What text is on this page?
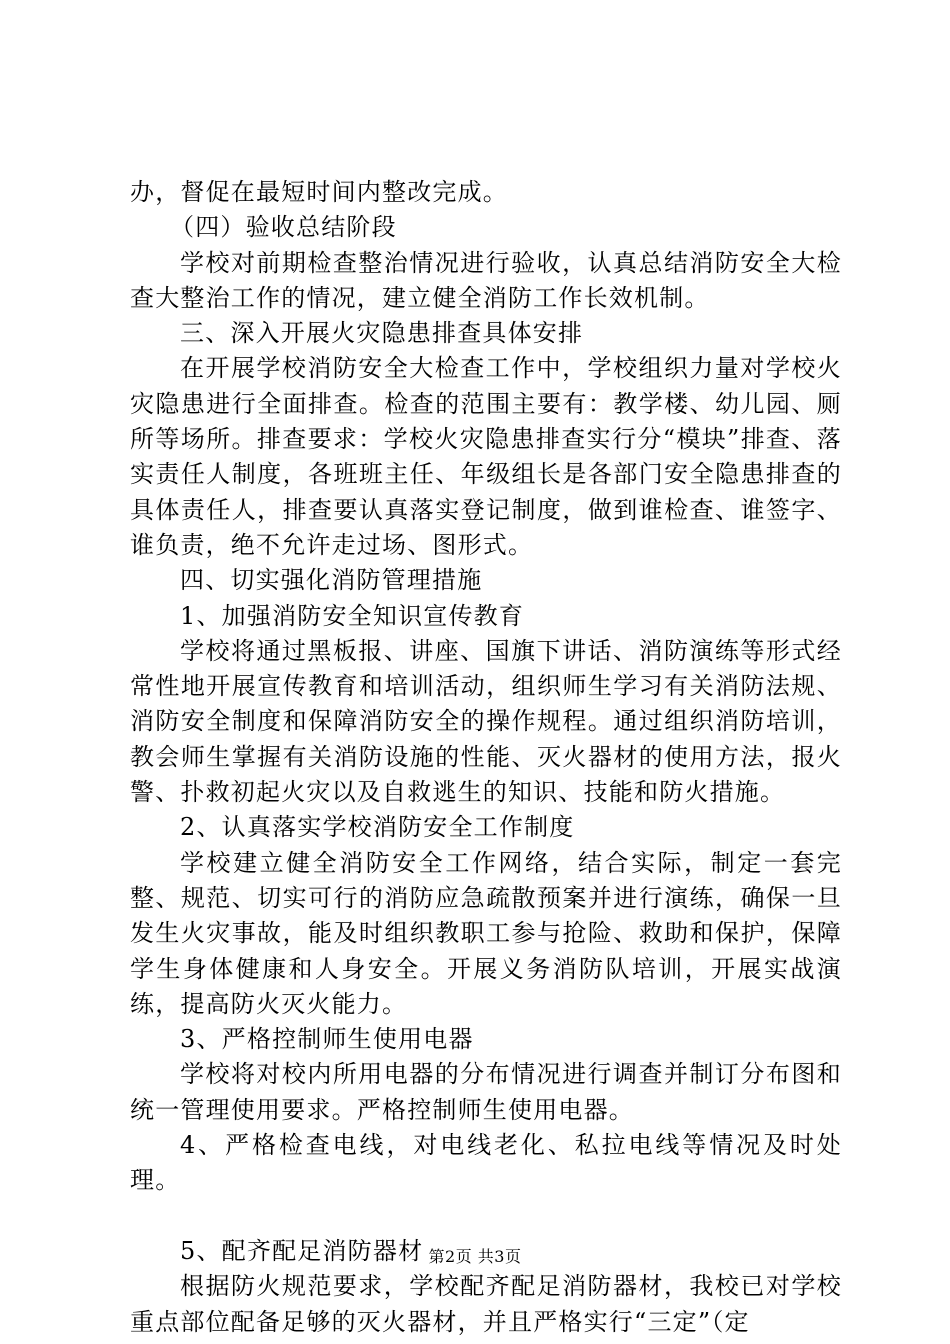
办，督促在最短时间内整改完成。

（四）验收总结阶段

学校对前期检查整治情况进行验收，认真总结消防安全大检查大整治工作的情况，建立健全消防工作长效机制。

三、深入开展火灾隐患排查具体安排

在开展学校消防安全大检查工作中，学校组织力量对学校火灾隐患进行全面排查。检查的范围主要有：教学楼、幼儿园、厕所等场所。排查要求：学校火灾隐患排查实行分“模块”排查、落实责任人制度，各班班主任、年级组长是各部门安全隐患排查的具体责任人，排查要认真落实登记制度，做到谁检查、谁签字、谁负责，绝不允许走过场、图形式。

四、切实强化消防管理措施

1、加强消防安全知识宣传教育

学校将通过黑板报、讲座、国旗下讲话、消防演练等形式经常性地开展宣传教育和培训活动，组织师生学习有关消防法规、消防安全制度和保障消防安全的操作规程。通过组织消防培训，教会师生掌握有关消防设施的性能、灭火器材的使用方法，报火警、扑救初起火灾以及自救逃生的知识、技能和防火措施。

2、认真落实学校消防安全工作制度

学校建立健全消防安全工作网络，结合实际，制定一套完整、规范、切实可行的消防应急疏散预案并进行演练，确保一旦发生火灾事故，能及时组织教职工参与抢险、救助和保护，保障学生身体健康和人身安全。开展义务消防队培训，开展实战演练，提高防火灭火能力。

3、严格控制师生使用电器

学校将对校内所用电器的分布情况进行调查并制订分布图和统一管理使用要求。严格控制师生使用电器。

4、严格检查电线，对电线老化、私拉电线等情况及时处理。

5、配齐配足消防器材

根据防火规范要求，学校配齐配足消防器材，我校已对学校重点部位配备足够的灭火器材，并且严格实行“三定”（定

第2页 共3页
